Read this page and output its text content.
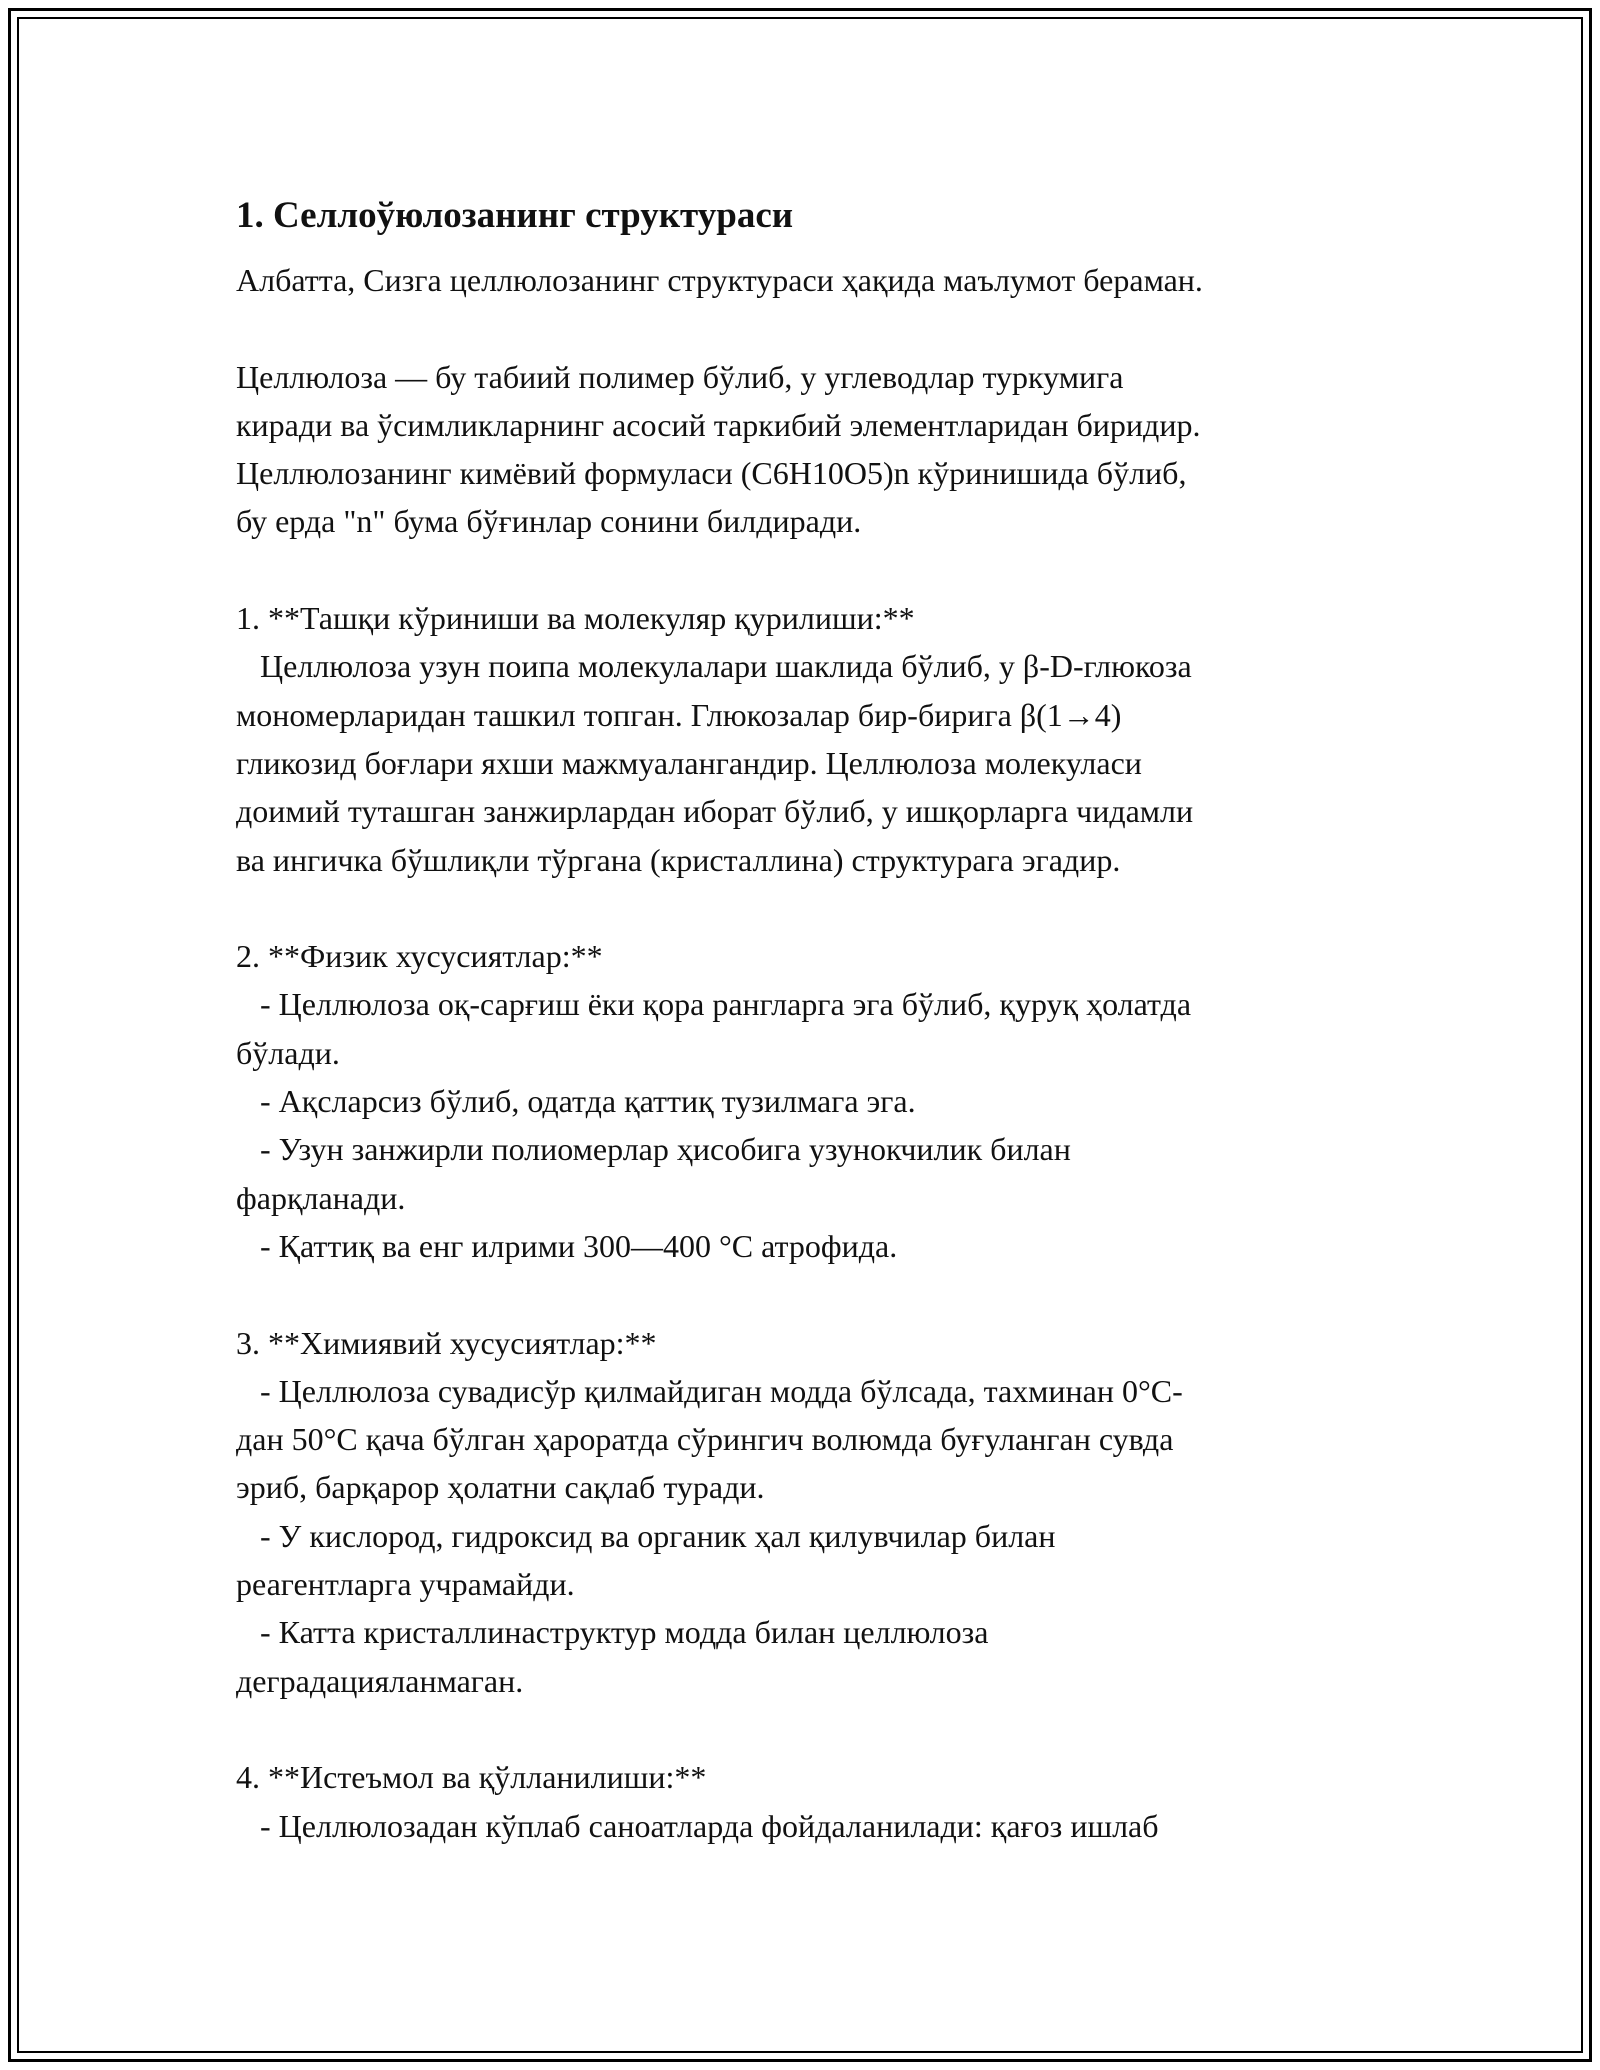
1. Селлоўюлозанинг структураси

Албатта, Сизга целлюлозанинг структураси ҳақида маълумот бераман.

Целлюлоза — бу табиий полимер бўлиб, у углеводлар туркумига

киради ва ўсимликларнинг асосий таркибий элементларидан биридир.

Целлюлозанинг кимёвий формуласи (C6H10O5)n кўринишида бўлиб,

бу ерда "n" бума бўғинлар сонини билдиради.

1. **Ташқи кўриниши ва молекуляр қурилиши:**

Целлюлоза узун поипа молекулалари шаклида бўлиб, у β-D-глюкоза

мономерларидан ташкил топган. Глюкозалар бир-бирига β(1→4)

гликозид боғлари яхши мажмуалангандир. Целлюлоза молекуласи

доимий туташган занжирлардан иборат бўлиб, у ишқорларга чидамли

ва ингичка бўшлиқли тўргана (кристаллина) структурага эгадир.

2. **Физик хусусиятлар:**

- Целлюлоза оқ-сарғиш ёки қора рангларга эга бўлиб, қуруқ ҳолатда

бўлади.

- Ақсларсиз бўлиб, одатда қаттиқ тузилмага эга.

- Узун занжирли полиомерлар ҳисобига узунокчилик билан

фарқланади.

- Қаттиқ ва енг илрими 300—400 °C атрофида.

3. **Химиявий хусусиятлар:**

- Целлюлоза сувадисўр қилмайдиган модда бўлсада, тахминан 0°C-

дан 50°C қача бўлган ҳароратда сўрингич волюмда буғуланган сувда

эриб, барқарор ҳолатни сақлаб туради.

- У кислород, гидроксид ва органик ҳал қилувчилар билан

реагентларга учрамайди.

- Катта кристаллинаструктур модда билан целлюлоза

деградацияланмаган.

4. **Истеъмол ва қўлланилиши:**

- Целлюлозадан кўплаб саноатларда фойдаланилади: қағоз ишлаб
